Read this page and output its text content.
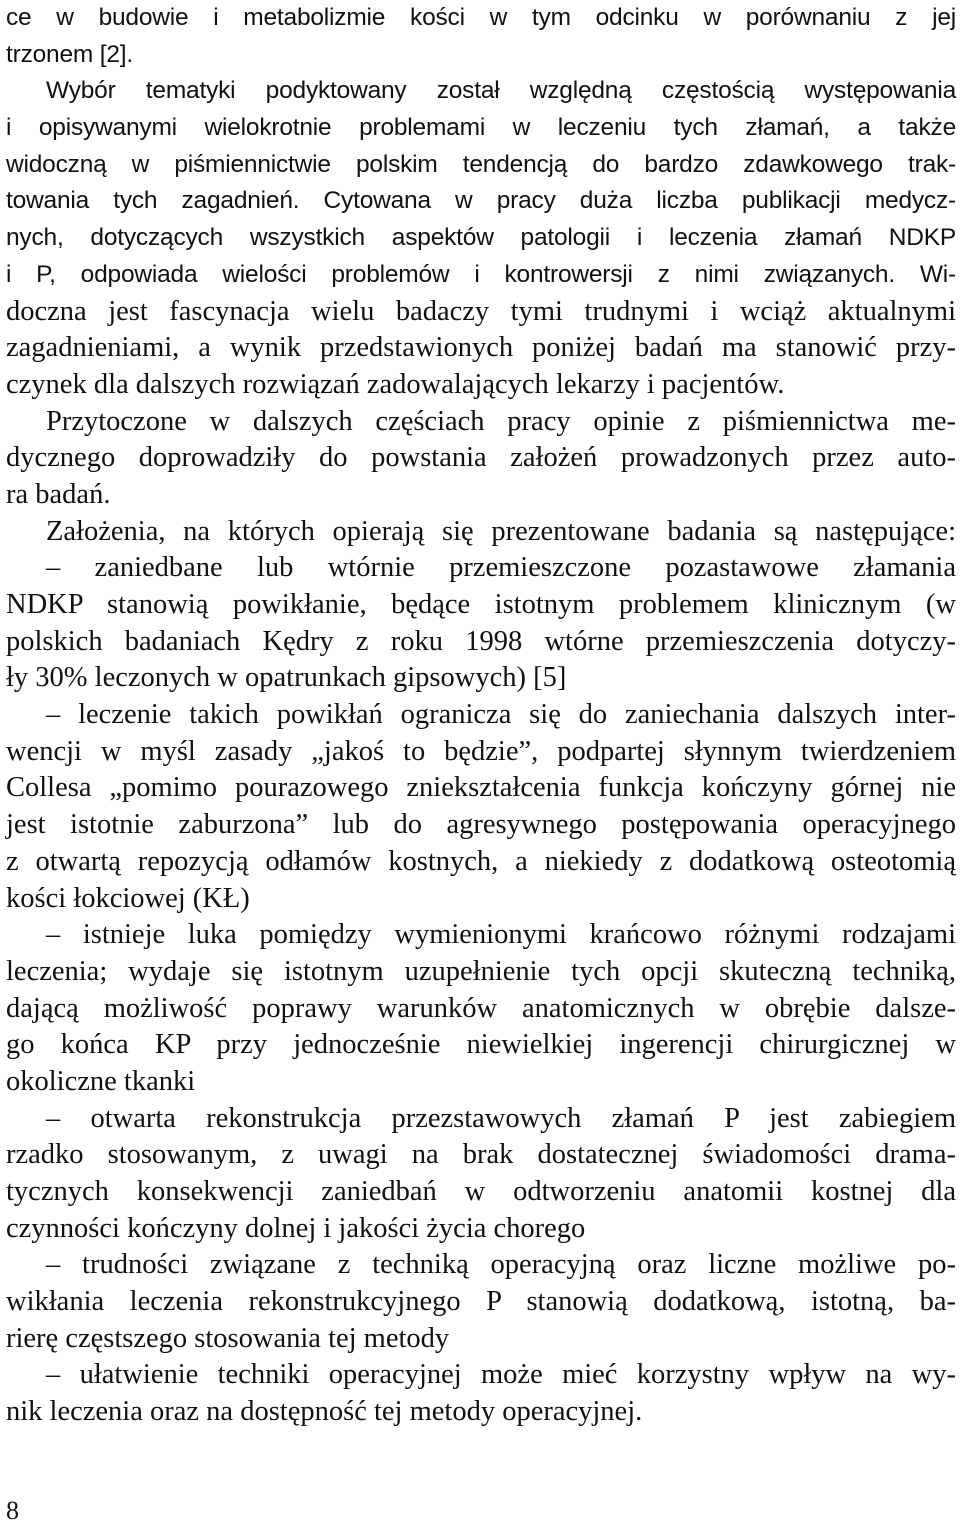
ce w budowie i metabolizmie kości w tym odcinku w porównaniu z jej
trzonem [2].
Wybór tematyki podyktowany został względną częstością występowania
i opisywanymi wielokrotnie problemami w leczeniu tych złamań, a także
widoczną w piśmiennictwie polskim tendencją do bardzo zdawkowego trak-
towania tych zagadnień. Cytowana w pracy duża liczba publikacji medycz-
nych, dotyczących wszystkich aspektów patologii i leczenia złamań NDKP
i P, odpowiada wielości problemów i kontrowersji z nimi związanych. Wi-
doczna jest fascynacja wielu badaczy tymi trudnymi i wciąż aktualnymi
zagadnieniami, a wynik przedstawionych poniżej badań ma stanowić przy-
czynek dla dalszych rozwiązań zadowalających lekarzy i pacjentów.
Przytoczone w dalszych częściach pracy opinie z piśmiennictwa me-
dycznego doprowadziły do powstania założeń prowadzonych przez auto-
ra badań.
Założenia, na których opierają się prezentowane badania są następujące:
– zaniedbane lub wtórnie przemieszczone pozastawowe złamania
NDKP stanowią powikłanie, będące istotnym problemem klinicznym (w
polskich badaniach Kędry z roku 1998 wtórne przemieszczenia dotyczy-
ły 30% leczonych w opatrunkach gipsowych) [5]
– leczenie takich powikłań ogranicza się do zaniechania dalszych inter-
wencji w myśl zasady „jakoś to będzie”, podpartej słynnym twierdzeniem
Collesa „pomimo pourazowego zniekształcenia funkcja kończyny górnej nie
jest istotnie zaburzona” lub do agresywnego postępowania operacyjnego
z otwartą repozycją odłamów kostnych, a niekiedy z dodatkową osteotomią
kości łokciowej (KŁ)
– istnieje luka pomiędzy wymienionymi krańcowo różnymi rodzajami
leczenia; wydaje się istotnym uzupełnienie tych opcji skuteczną techniką,
dającą możliwość poprawy warunków anatomicznych w obrębie dalsze-
go końca KP przy jednocześnie niewielkiej ingerencji chirurgicznej w
okoliczne tkanki
– otwarta rekonstrukcja przezstawowych złamań P jest zabiegiem
rzadko stosowanym, z uwagi na brak dostatecznej świadomości drama-
tycznych konsekwencji zaniedbań w odtworzeniu anatomii kostnej dla
czynności kończyny dolnej i jakości życia chorego
– trudności związane z techniką operacyjną oraz liczne możliwe po-
wikłania leczenia rekonstrukcyjnego P stanowią dodatkową, istotną, ba-
rierę częstszego stosowania tej metody
– ułatwienie techniki operacyjnej może mieć korzystny wpływ na wy-
nik leczenia oraz na dostępność tej metody operacyjnej.
8
